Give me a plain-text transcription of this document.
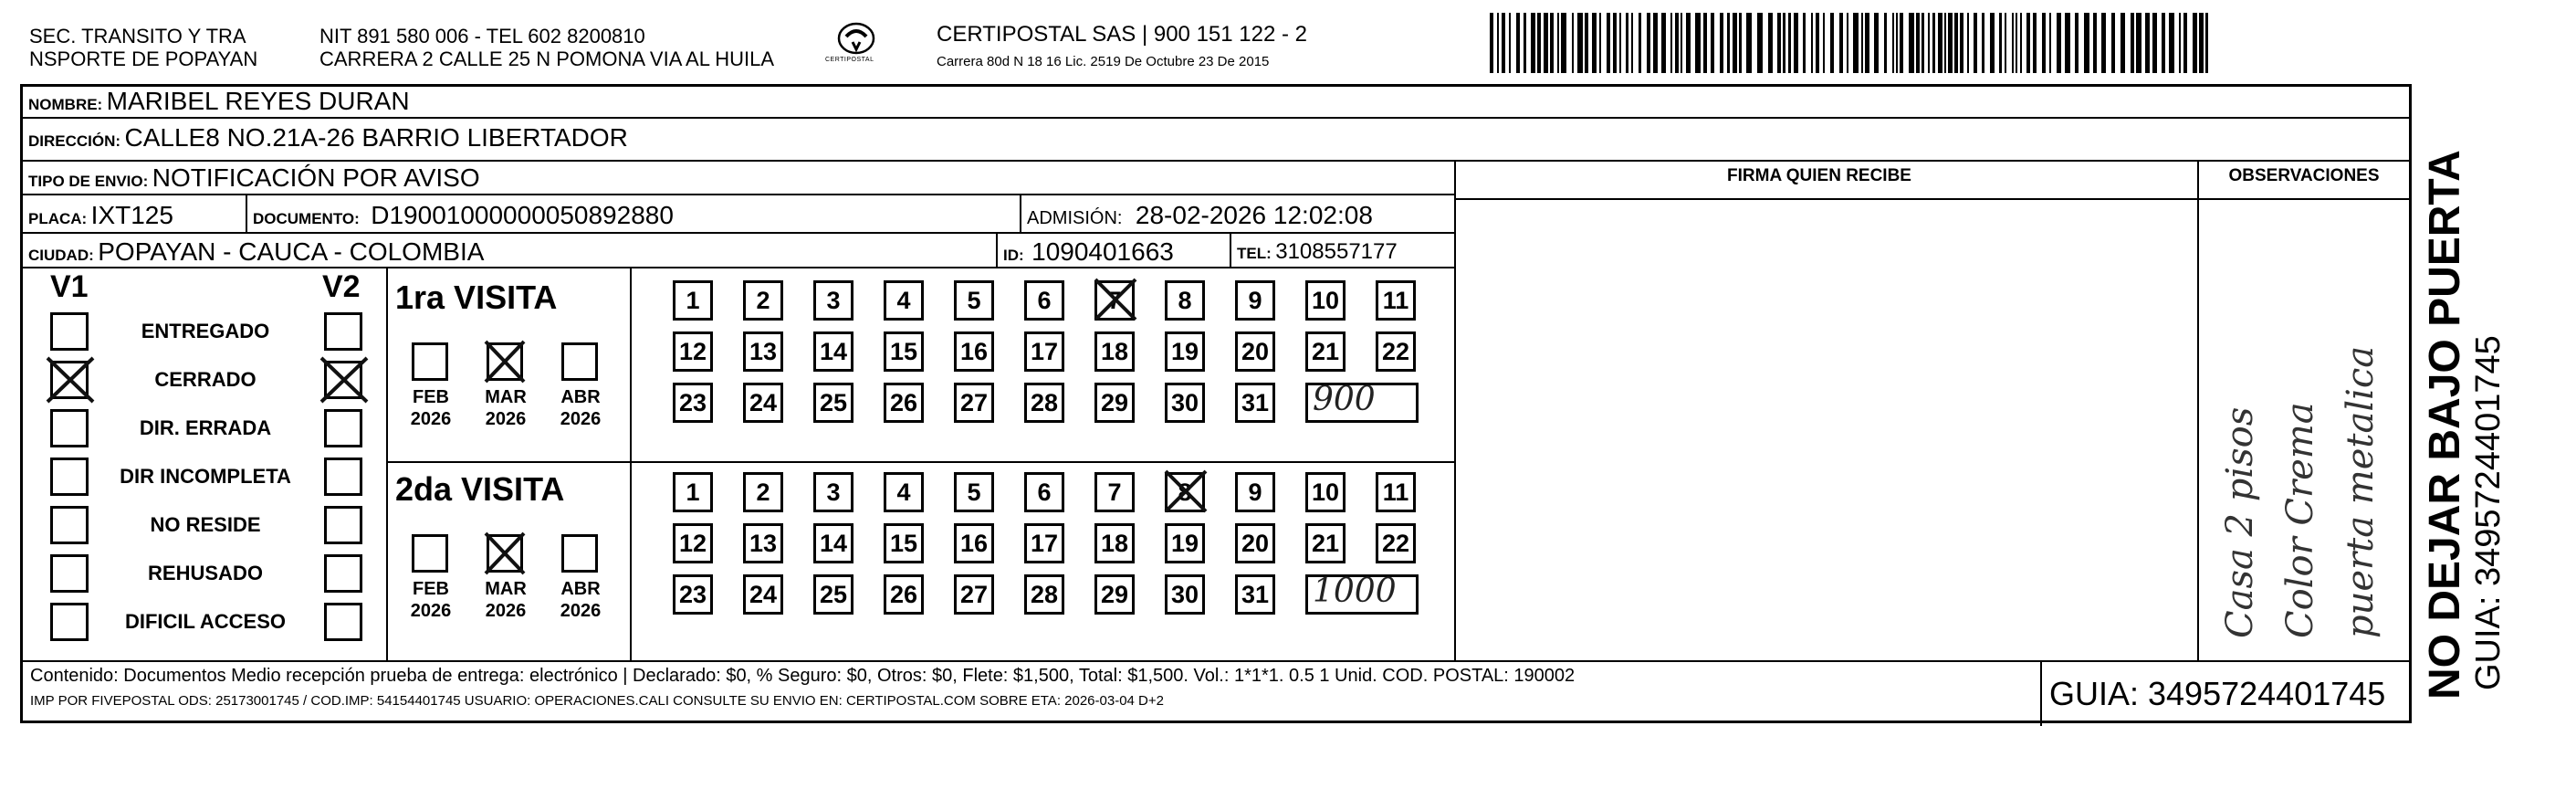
SEC. TRANSITO Y TRA
NSPORTE DE POPAYAN
NIT 891 580 006 - TEL 602 8200810
CARRERA 2 CALLE 25 N POMONA VIA AL HUILA	CERTIPOSTAL
CERTIPOSTAL SAS | 900 151 122 - 2
Carrera 80d N 18 16 Lic. 2519 De Octubre 23 De 2015
NOMBRE: MARIBEL REYES DURAN
DIRECCIÓN: CALLE8 NO.21A-26 BARRIO LIBERTADOR
TIPO DE ENVIO: NOTIFICACIÓN POR AVISO	FIRMA QUIEN RECIBE	OBSERVACIONES
PLACA: IXT125	DOCUMENTO: D19001000000050892880	ADMISIÓN: 28-02-2026 12:02:08
CIUDAD: POPAYAN - CAUCA - COLOMBIA	ID: 1090401663	TEL: 3108557177
V1	V2
ENTREGADO
CERRADO
DIR. ERRADA
DIR INCOMPLETA
NO RESIDE
REHUSADO
DIFICIL ACCESO
1ra VISITA
2da VISITA
FEB
2026
MAR
2026
ABR
2026
FEB
2026
MAR
2026
ABR
2026
1	2	3	4	5	6	7	8	9	10 11
12 13 14 15 16 17 18 19 20 21 22
23 24 25 26 27 28 29 30 31 900
1	2	3	4	5	6	7	8	9	10 11
12 13 14 15 16 17 18 19 20 21 22
23 24 25 26 27 28 29 30 31 1000	Casa 2 pisos Color Crema puerta metalica
Contenido: Documentos Medio recepción prueba de entrega: electrónico | Declarado: $0, % Seguro: $0, Otros: $0, Flete: $1,500, Total: $1,500. Vol.: 1*1*1. 0.5 1 Unid. COD. POSTAL: 190002
IMP POR FIVEPOSTAL ODS: 25173001745 / COD.IMP: 54154401745 USUARIO: OPERACIONES.CALI CONSULTE SU ENVIO EN: CERTIPOSTAL.COM SOBRE ETA: 2026-03-04 D+2	GUIA: 3495724401745 NO DEJAR BAJO PUERTA GUIA: 3495724401745
